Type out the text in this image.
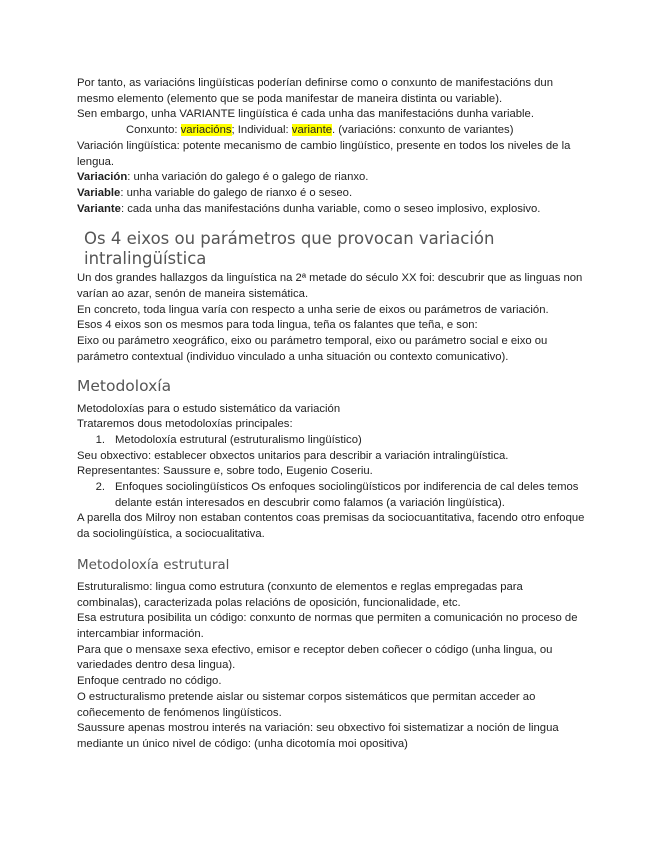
Por tanto, as variacións lingüísticas poderían definirse como o conxunto de manifestacións dun mesmo elemento (elemento que se poda manifestar de maneira distinta ou variable).

Sen embargo, unha VARIANTE lingüística é cada unha das manifestacións dunha variable.

Conxunto: variacións; Individual: variante. (variacións: conxunto de variantes)

Variación lingüística: potente mecanismo de cambio lingüístico, presente en todos los niveles de la lengua.

Variación: unha variación do galego é o galego de rianxo.

Variable: unha variable do galego de rianxo é o seseo.

Variante: cada unha das manifestacións dunha variable, como o seseo implosivo, explosivo.

Os 4 eixos ou parámetros que provocan variación intralingüística

Un dos grandes hallazgos da linguística na 2ª metade do século XX foi: descubrir que as linguas non varían ao azar, senón de maneira sistemática.

En concreto, toda lingua varía con respecto a unha serie de eixos ou parámetros de variación.

Esos 4 eixos son os mesmos para toda lingua, teña os falantes que teña, e son:

Eixo ou parámetro xeográfico, eixo ou parámetro temporal, eixo ou parámetro social e eixo ou parámetro contextual (individuo vinculado a unha situación ou contexto comunicativo).

Metodoloxía

Metodoloxías para o estudo sistemático da variación

Trataremos dous metodoloxías principales:

1. Metodoloxía estrutural (estruturalismo lingüístico)

Seu obxectivo: establecer obxectos unitarios para describir a variación intralingüística.

Representantes: Saussure e, sobre todo, Eugenio Coseriu.

2. Enfoques sociolingüísticos Os enfoques sociolingüísticos por indiferencia de cal deles temos delante están interesados en descubrir como falamos (a variación lingüística).

A parella dos Milroy non estaban contentos coas premisas da sociocuantitativa, facendo otro enfoque da sociolingüística, a sociocualitativa.

Metodoloxía estrutural

Estruturalismo: lingua como estrutura (conxunto de elementos e reglas empregadas para combinalas), caracterizada polas relacións de oposición, funcionalidade, etc.

Esa estrutura posibilita un código: conxunto de normas que permiten a comunicación no proceso de intercambiar información.

Para que o mensaxe sexa efectivo, emisor e receptor deben coñecer o código (unha lingua, ou variedades dentro desa lingua).

Enfoque centrado no código.

O estructuralismo pretende aislar ou sistemar corpos sistemáticos que permitan acceder ao coñecemento de fenómenos lingüísticos.

Saussure apenas mostrou interés na variación: seu obxectivo foi sistematizar a noción de lingua mediante un único nivel de código: (unha dicotomía moi opositiva)
